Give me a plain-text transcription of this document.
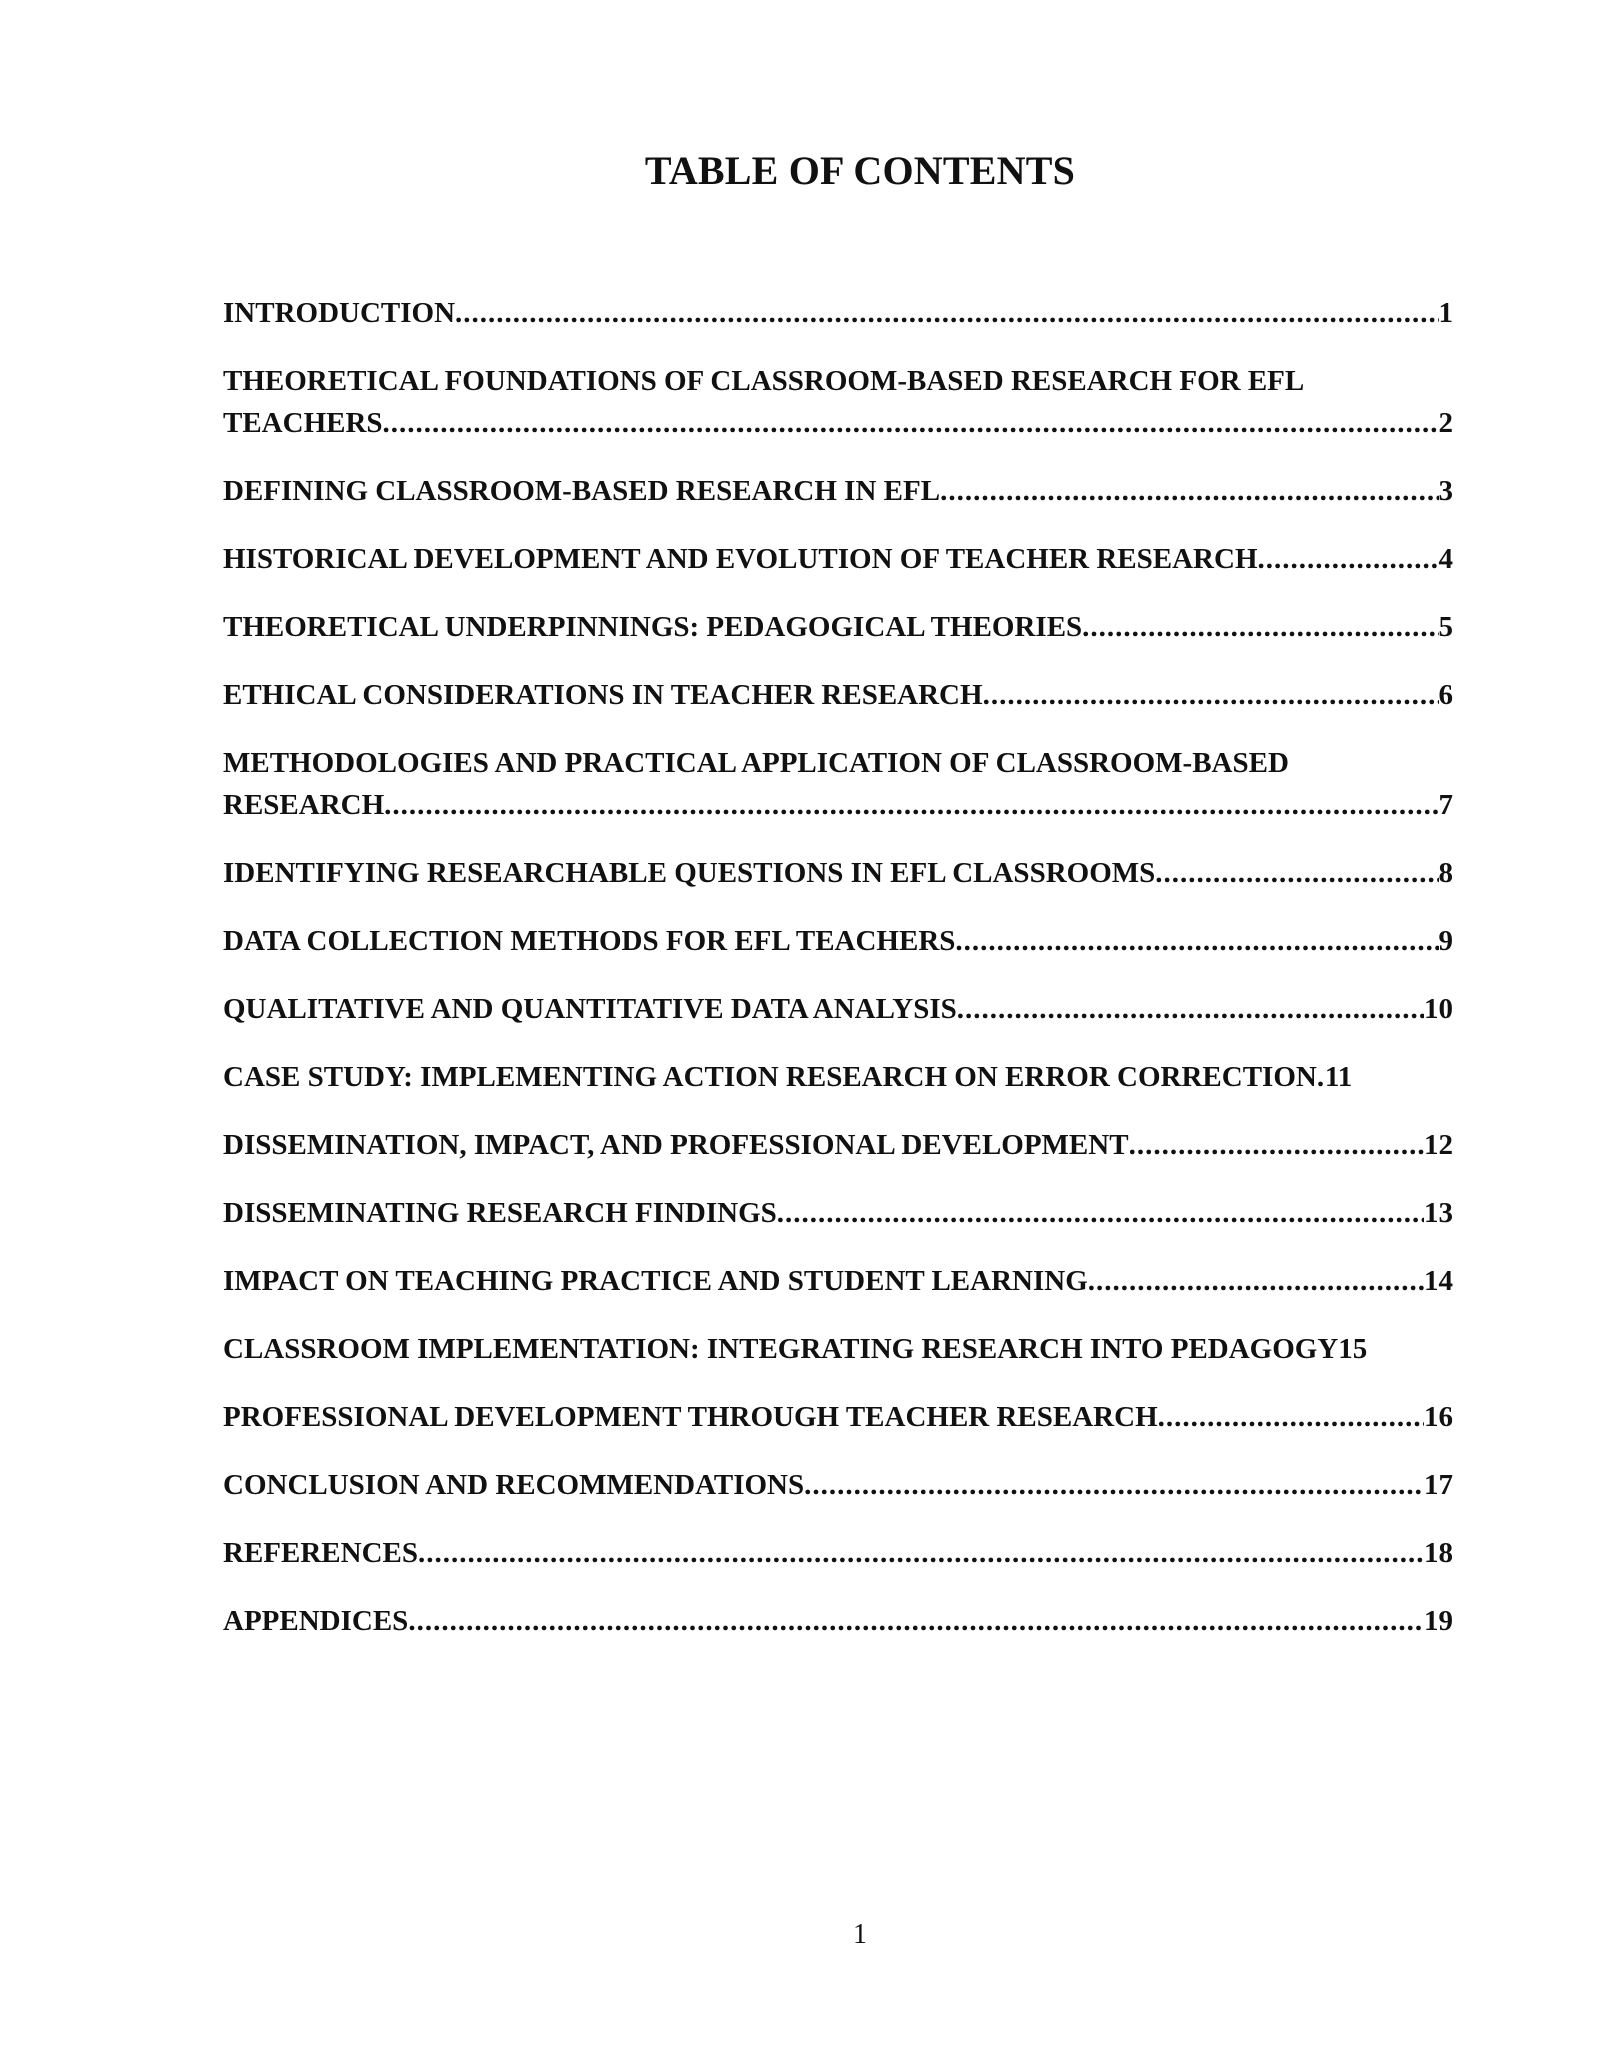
TABLE OF CONTENTS
INTRODUCTION .....	1
THEORETICAL FOUNDATIONS OF CLASSROOM-BASED RESEARCH FOR EFL
TEACHERS .....	2
DEFINING CLASSROOM-BASED RESEARCH IN EFL .....	3
HISTORICAL DEVELOPMENT AND EVOLUTION OF TEACHER RESEARCH .....	4
THEORETICAL UNDERPINNINGS: PEDAGOGICAL THEORIES .....	5
ETHICAL CONSIDERATIONS IN TEACHER RESEARCH .....	6
METHODOLOGIES AND PRACTICAL APPLICATION OF CLASSROOM-BASED
RESEARCH .....	7
IDENTIFYING RESEARCHABLE QUESTIONS IN EFL CLASSROOMS .....	8
DATA COLLECTION METHODS FOR EFL TEACHERS .....	9
QUALITATIVE AND QUANTITATIVE DATA ANALYSIS .....	10
CASE STUDY: IMPLEMENTING ACTION RESEARCH ON ERROR CORRECTION ..... 11
DISSEMINATION, IMPACT, AND PROFESSIONAL DEVELOPMENT .....	12
DISSEMINATING RESEARCH FINDINGS .....	13
IMPACT ON TEACHING PRACTICE AND STUDENT LEARNING .....	14
CLASSROOM IMPLEMENTATION: INTEGRATING RESEARCH INTO PEDAGOGY 15
PROFESSIONAL DEVELOPMENT THROUGH TEACHER RESEARCH .....	16
CONCLUSION AND RECOMMENDATIONS .....	17
REFERENCES .....	18
APPENDICES .....	19
1
